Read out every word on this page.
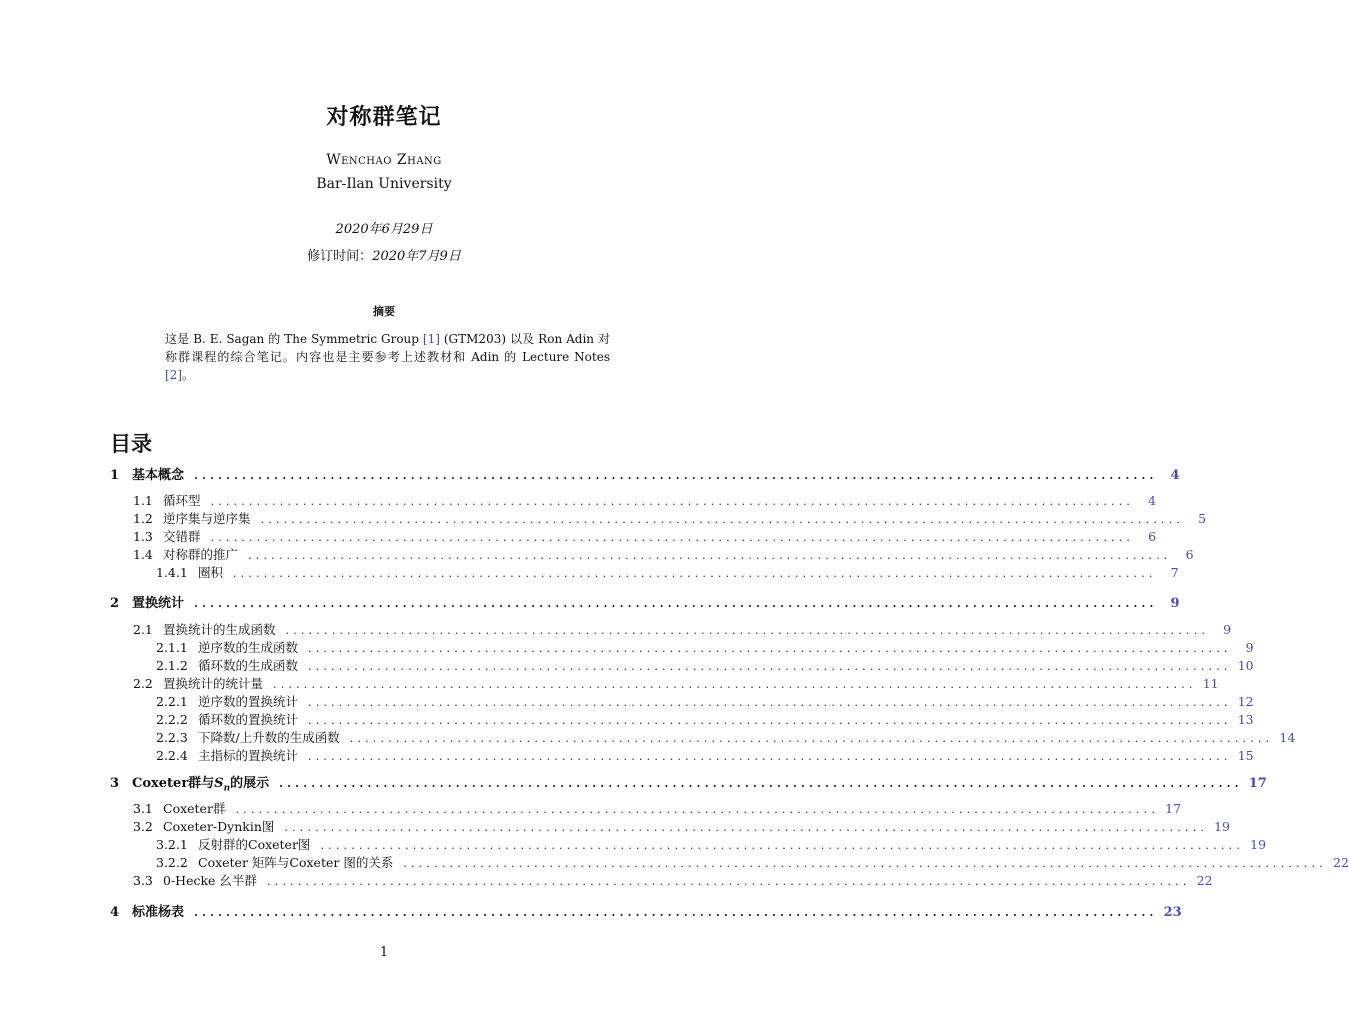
对称群笔记
Wenchao Zhang
Bar-Ilan University
2020年6月29日
修订时间：2020年7月9日
摘要
这是 B. E. Sagan 的 The Symmetric Group [1] (GTM203) 以及 Ron Adin 对称群课程的综合笔记。内容也是主要参考上述教材和 Adin 的 Lecture Notes [2]。
目录
1 基本概念 ........................................................................................................................ 4
1.1 循环型 ........................................................................................................................	4
1.2 逆序集与逆序集 ........................................................................................................................	5
1.3 交错群 ........................................................................................................................	6
1.4 对称群的推广 ........................................................................................................................	6
1.4.1 圈积 ........................................................................................................................	7
2 置换统计 ........................................................................................................................ 9
2.1 置换统计的生成函数 ........................................................................................................................	9
2.1.1 逆序数的生成函数 ........................................................................................................................	9
2.1.2 循环数的生成函数 ........................................................................................................................ 10
2.2 置换统计的统计量 ........................................................................................................................ 11
2.2.1 逆序数的置换统计 ........................................................................................................................ 12
2.2.2 循环数的置换统计 ........................................................................................................................ 13
2.2.3 下降数/上升数的生成函数 ........................................................................................................................ 14
2.2.4 主指标的置换统计 ........................................................................................................................ 15
3 Coxeter群与$S_n$的展示 ........................................................................................................................ 17
3.1 Coxeter群 ........................................................................................................................ 17
3.2 Coxeter-Dynkin图 ........................................................................................................................ 19
3.2.1 反射群的Coxeter图 ........................................................................................................................ 19
3.2.2 Coxeter 矩阵与Coxeter 图的关系 ........................................................................................................................ 22
3.3 0-Hecke 幺半群 ........................................................................................................................ 22
4 标准杨表 ........................................................................................................................ 23
1
